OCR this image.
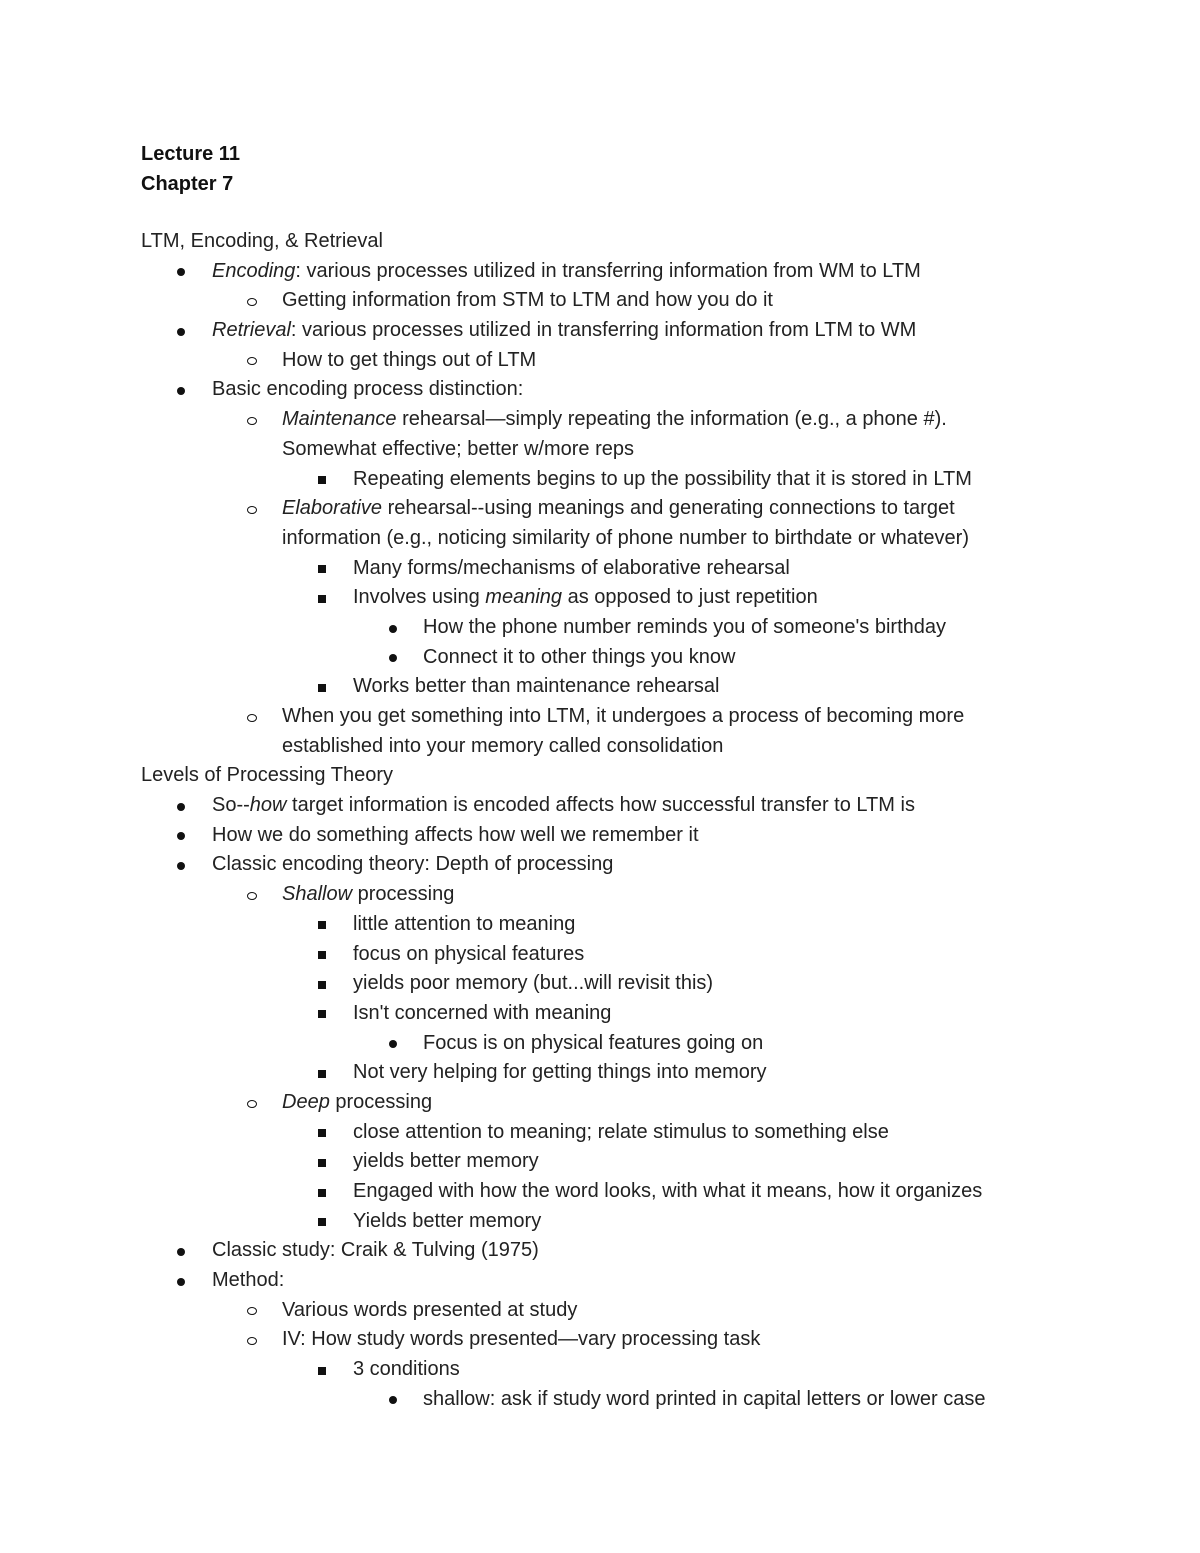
Lecture 11
Chapter 7
LTM, Encoding, & Retrieval
Encoding: various processes utilized in transferring information from WM to LTM
Getting information from STM to LTM and how you do it
Retrieval: various processes utilized in transferring information from LTM to WM
How to get things out of LTM
Basic encoding process distinction:
Maintenance rehearsal—simply repeating the information (e.g., a phone #). Somewhat effective; better w/more reps
Repeating elements begins to up the possibility that it is stored in LTM
Elaborative rehearsal--using meanings and generating connections to target information (e.g., noticing similarity of phone number to birthdate or whatever)
Many forms/mechanisms of elaborative rehearsal
Involves using meaning as opposed to just repetition
How the phone number reminds you of someone's birthday
Connect it to other things you know
Works better than maintenance rehearsal
When you get something into LTM, it undergoes a process of becoming more established into your memory called consolidation
Levels of Processing Theory
So--how target information is encoded affects how successful transfer to LTM is
How we do something affects how well we remember it
Classic encoding theory: Depth of processing
Shallow processing
little attention to meaning
focus on physical features
yields poor memory (but...will revisit this)
Isn't concerned with meaning
Focus is on physical features going on
Not very helping for getting things into memory
Deep processing
close attention to meaning; relate stimulus to something else
yields better memory
Engaged with how the word looks, with what it means, how it organizes
Yields better memory
Classic study: Craik & Tulving (1975)
Method:
Various words presented at study
IV: How study words presented—vary processing task
3 conditions
shallow: ask if study word printed in capital letters or lower case
